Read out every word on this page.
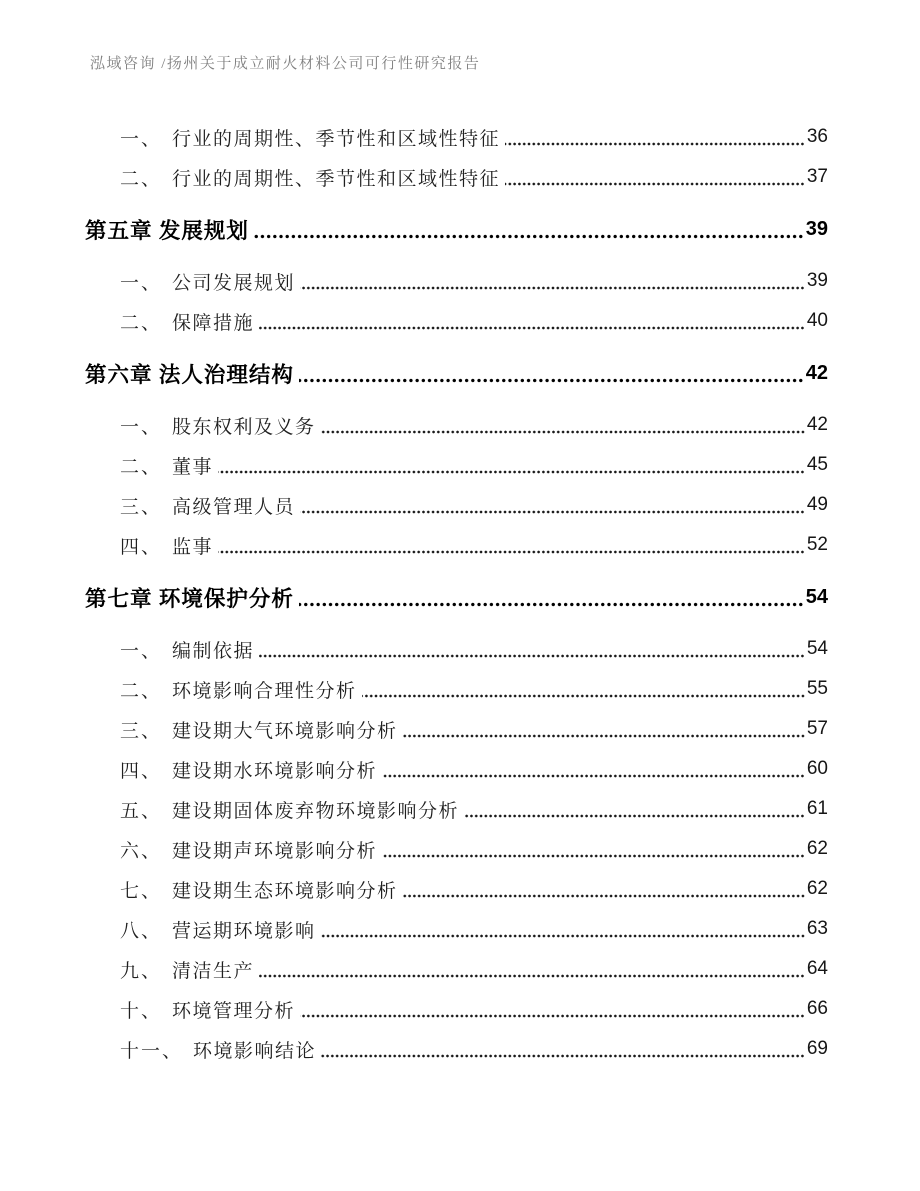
泓域咨询 /扬州关于成立耐火材料公司可行性研究报告
一、 行业的周期性、季节性和区域性特征	36
二、 行业的周期性、季节性和区域性特征	37
第五章 发展规划	39
一、 公司发展规划	39
二、 保障措施	40
第六章 法人治理结构	42
一、 股东权利及义务	42
二、 董事	45
三、 高级管理人员	49
四、 监事	52
第七章 环境保护分析	54
一、 编制依据	54
二、 环境影响合理性分析	55
三、 建设期大气环境影响分析	57
四、 建设期水环境影响分析	60
五、 建设期固体废弃物环境影响分析	61
六、 建设期声环境影响分析	62
七、 建设期生态环境影响分析	62
八、 营运期环境影响	63
九、 清洁生产	64
十、 环境管理分析	66
十一、 环境影响结论	69
